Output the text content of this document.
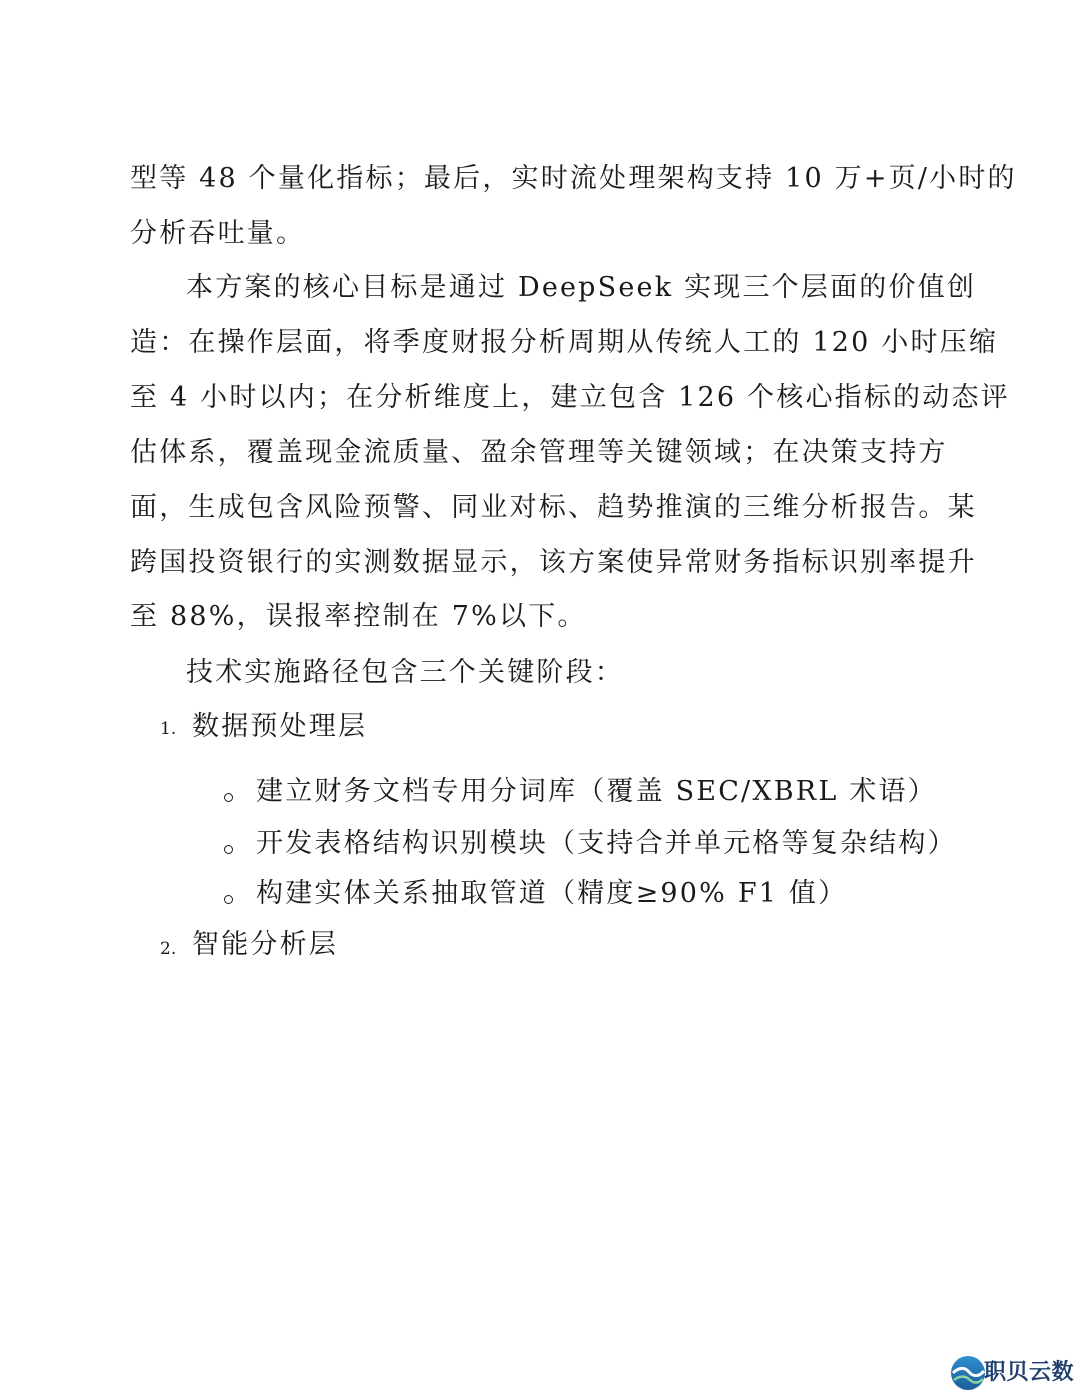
型等 48 个量化指标；最后，实时流处理架构支持 10 万+页/小时的
分析吞吐量。
本方案的核心目标是通过 DeepSeek 实现三个层面的价值创
造：在操作层面，将季度财报分析周期从传统人工的 120 小时压缩
至 4 小时以内；在分析维度上，建立包含 126 个核心指标的动态评
估体系，覆盖现金流质量、盈余管理等关键领域；在决策支持方
面，生成包含风险预警、同业对标、趋势推演的三维分析报告。某
跨国投资银行的实测数据显示，该方案使异常财务指标识别率提升
至 88%，误报率控制在 7%以下。
技术实施路径包含三个关键阶段：
1. 数据预处理层
建立财务文档专用分词库（覆盖 SEC/XBRL 术语）
开发表格结构识别模块（支持合并单元格等复杂结构）
构建实体关系抽取管道（精度≥90% F1 值）
2. 智能分析层
职贝云数
